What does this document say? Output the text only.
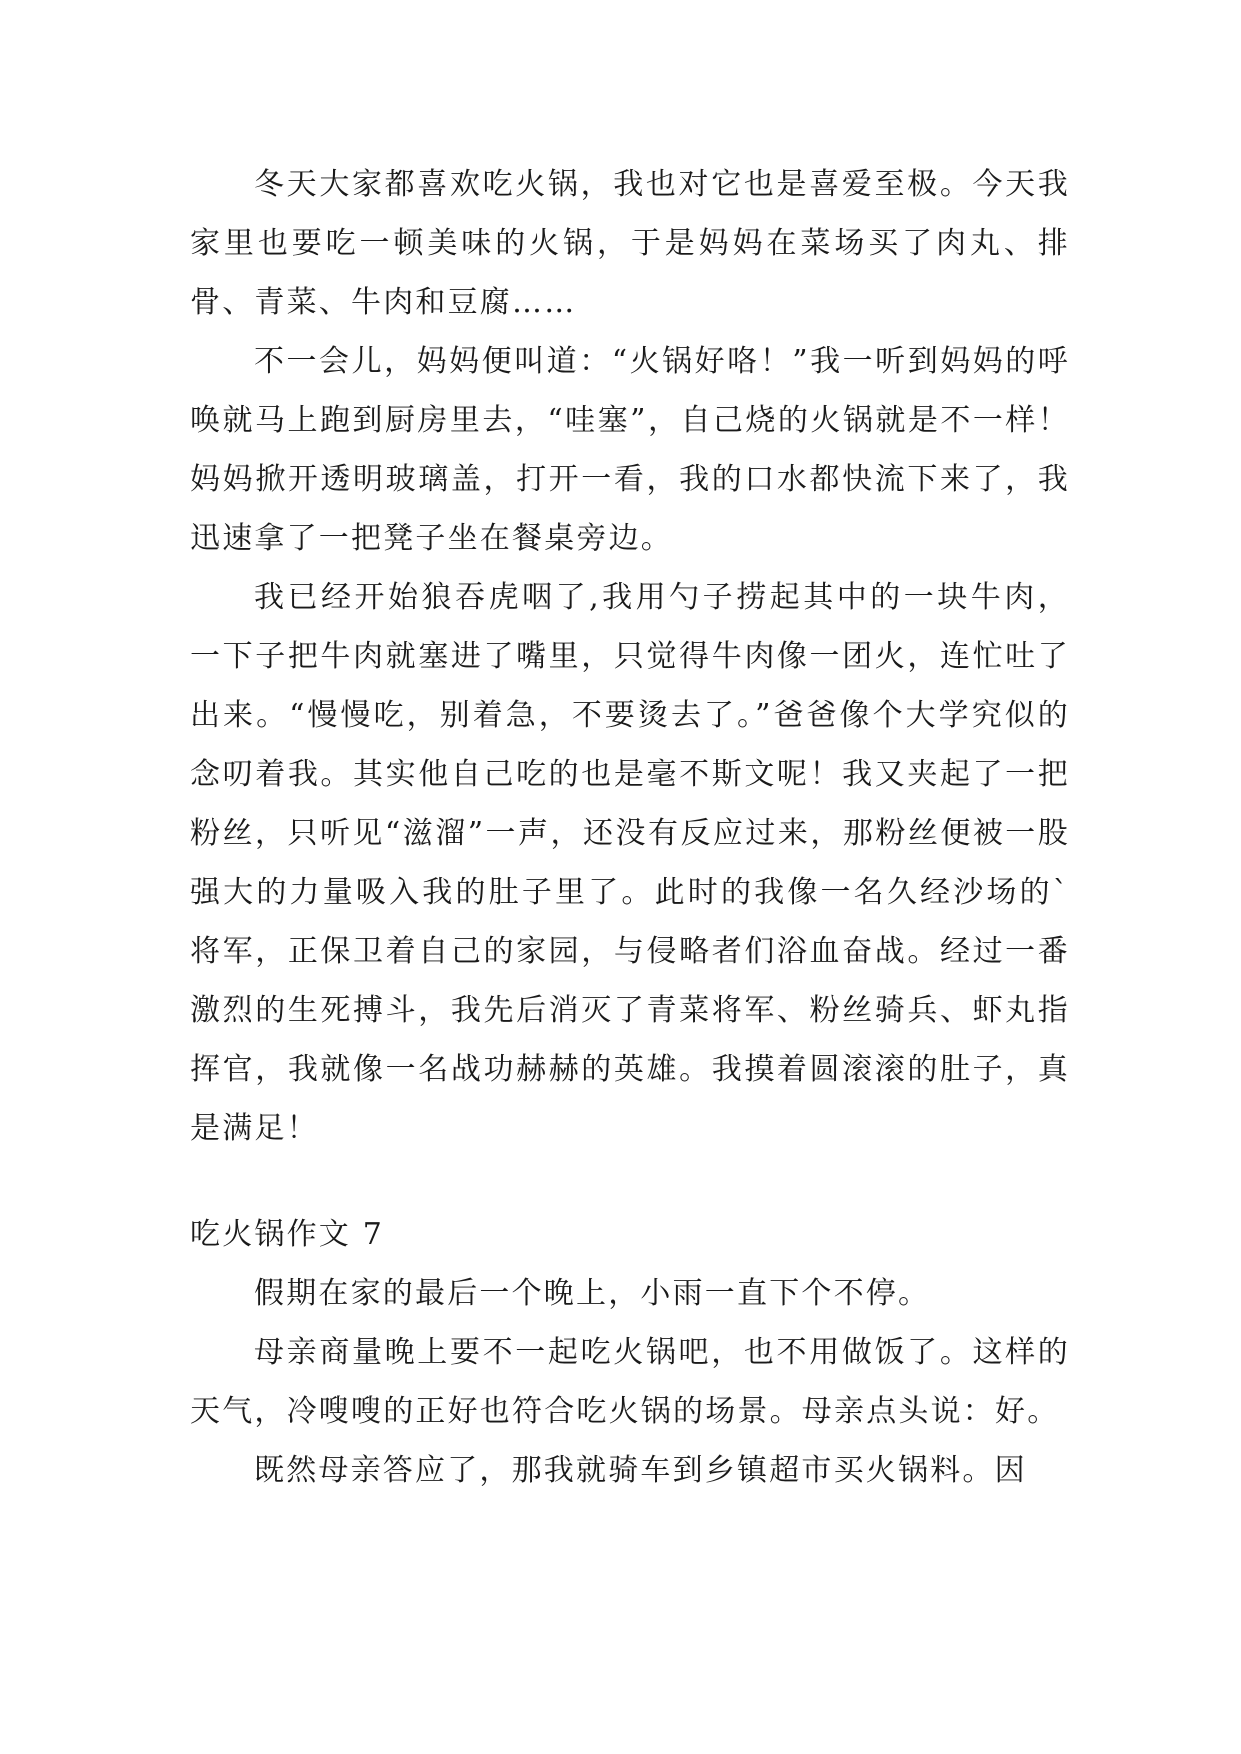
冬天大家都喜欢吃火锅，我也对它也是喜爱至极。今天我家里也要吃一顿美味的火锅，于是妈妈在菜场买了肉丸、排骨、青菜、牛肉和豆腐……

不一会儿，妈妈便叫道：“火锅好咯！”我一听到妈妈的呼唤就马上跑到厨房里去，“哇塞”，自己烧的火锅就是不一样！妈妈掀开透明玻璃盖，打开一看，我的口水都快流下来了，我迅速拿了一把凳子坐在餐桌旁边。

我已经开始狼吞虎咽了,我用勺子捞起其中的一块牛肉，一下子把牛肉就塞进了嘴里，只觉得牛肉像一团火，连忙吐了出来。“慢慢吃，别着急，不要烫去了。”爸爸像个大学究似的念叨着我。其实他自己吃的也是毫不斯文呢！我又夹起了一把粉丝，只听见“滋溜”一声，还没有反应过来，那粉丝便被一股强大的力量吸入我的肚子里了。此时的我像一名久经沙场的`将军，正保卫着自己的家园，与侵略者们浴血奋战。经过一番激烈的生死搏斗，我先后消灭了青菜将军、粉丝骑兵、虾丸指挥官，我就像一名战功赫赫的英雄。我摸着圆滚滚的肚子，真是满足！

吃火锅作文 7

假期在家的最后一个晚上，小雨一直下个不停。

母亲商量晚上要不一起吃火锅吧，也不用做饭了。这样的天气，冷嗖嗖的正好也符合吃火锅的场景。母亲点头说：好。

既然母亲答应了，那我就骑车到乡镇超市买火锅料。因
